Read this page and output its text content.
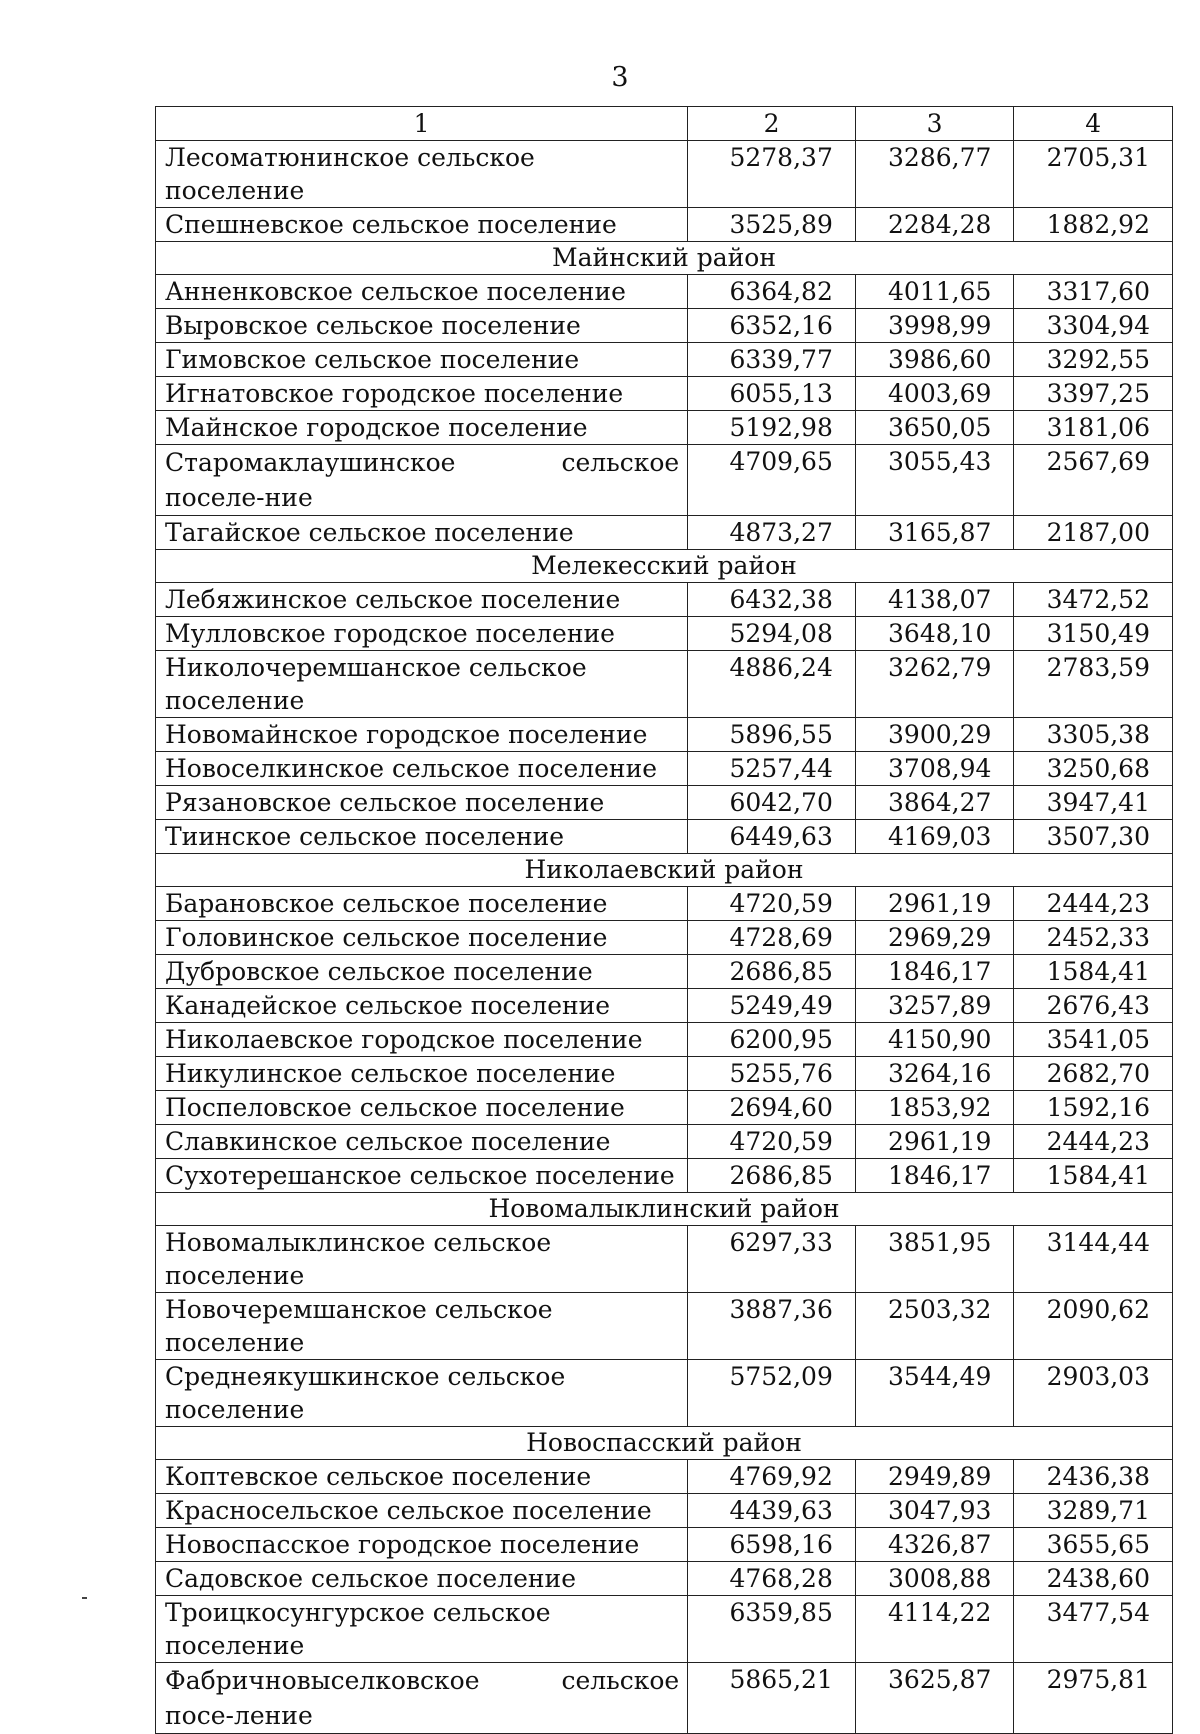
3
1	2	3	4
Лесоматюнинское сельское поселение	5278,37	3286,77	2705,31
Спешневское сельское поселение	3525,89	2284,28	1882,92
Майнский район			
Анненковское сельское поселение	6364,82	4011,65	3317,60
Выровское сельское поселение	6352,16	3998,99	3304,94
Гимовское сельское поселение	6339,77	3986,60	3292,55
Игнатовское городское поселение	6055,13	4003,69	3397,25
Майнское городское поселение	5192,98	3650,05	3181,06
Старомаклаушинское сельское поселе-ние	4709,65	3055,43	2567,69
Тагайское сельское поселение	4873,27	3165,87	2187,00
Мелекесский район			
Лебяжинское сельское поселение	6432,38	4138,07	3472,52
Мулловское городское поселение	5294,08	3648,10	3150,49
Николочеремшанское сельское поселение	4886,24	3262,79	2783,59
Новомайнское городское поселение	5896,55	3900,29	3305,38
Новоселкинское сельское поселение	5257,44	3708,94	3250,68
Рязановское сельское поселение	6042,70	3864,27	3947,41
Тиинское сельское поселение	6449,63	4169,03	3507,30
Николаевский район			
Барановское сельское поселение	4720,59	2961,19	2444,23
Головинское сельское поселение	4728,69	2969,29	2452,33
Дубровское сельское поселение	2686,85	1846,17	1584,41
Канадейское сельское поселение	5249,49	3257,89	2676,43
Николаевское городское поселение	6200,95	4150,90	3541,05
Никулинское сельское поселение	5255,76	3264,16	2682,70
Поспеловское сельское поселение	2694,60	1853,92	1592,16
Славкинское сельское поселение	4720,59	2961,19	2444,23
Сухотерешанское сельское поселение	2686,85	1846,17	1584,41
Новомалыклинский район			
Новомалыклинское сельское поселение	6297,33	3851,95	3144,44
Новочеремшанское сельское поселение	3887,36	2503,32	2090,62
Среднеякушкинское сельское поселение	5752,09	3544,49	2903,03
Новоспасский район			
Коптевское сельское поселение	4769,92	2949,89	2436,38
Красносельское сельское поселение	4439,63	3047,93	3289,71
Новоспасское городское поселение	6598,16	4326,87	3655,65
Садовское сельское поселение	4768,28	3008,88	2438,60
Троицкосунгурское сельское поселение	6359,85	4114,22	3477,54
Фабричновыселковское сельское посе-ление	5865,21	3625,87	2975,81
